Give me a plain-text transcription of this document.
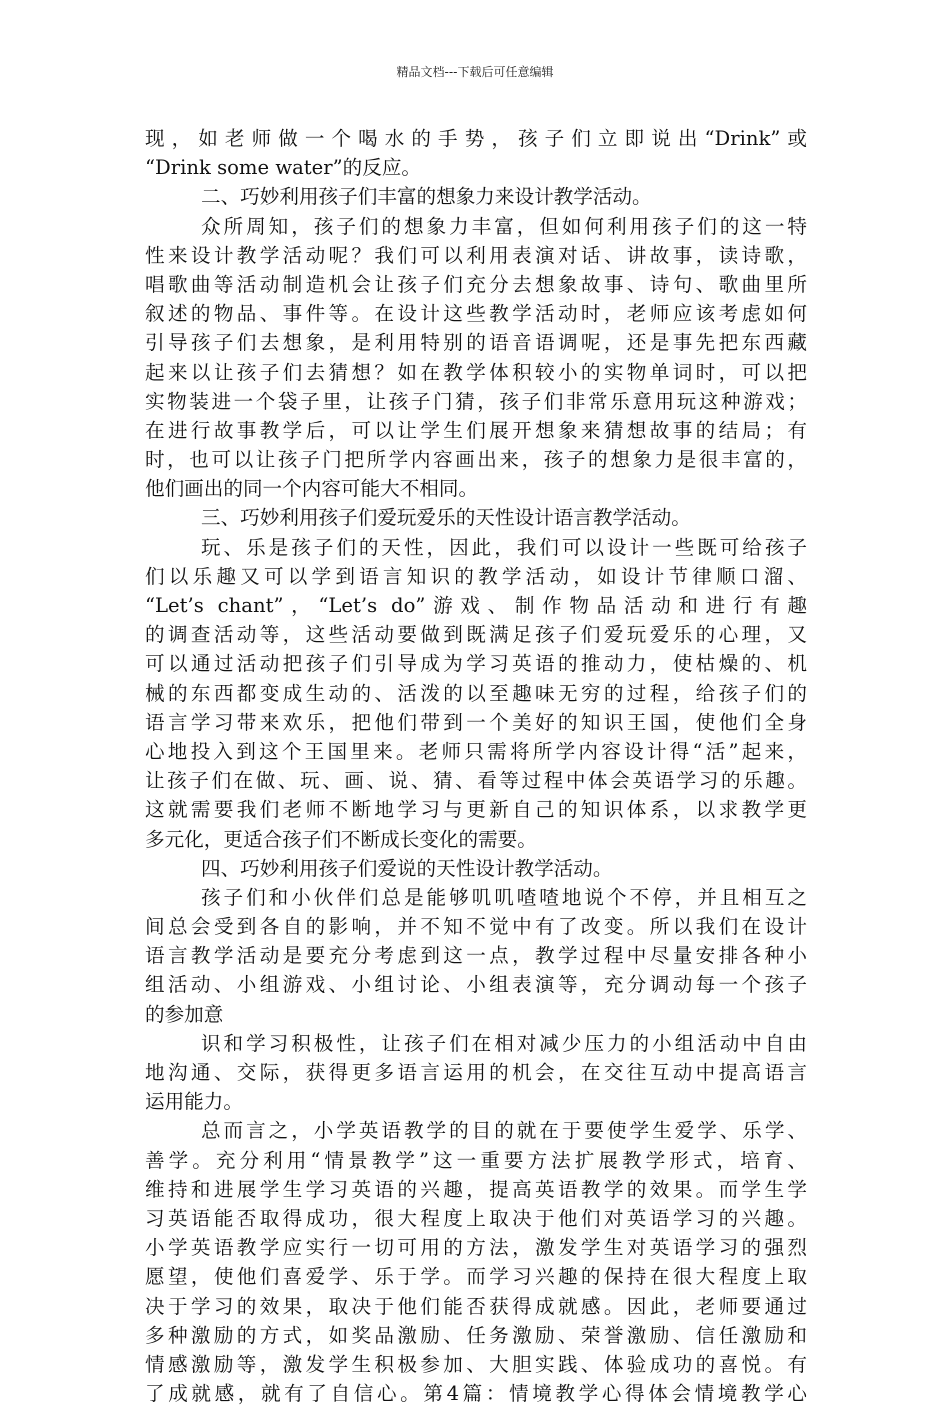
精品文档---下载后可任意编辑
现，如老师做一个喝水的手势，孩子们立即说出“Drink”或
“Drink some water”的反应。
二、巧妙利用孩子们丰富的想象力来设计教学活动。
众所周知，孩子们的想象力丰富，但如何利用孩子们的这一特
性来设计教学活动呢？我们可以利用表演对话、讲故事，读诗歌，
唱歌曲等活动制造机会让孩子们充分去想象故事、诗句、歌曲里所
叙述的物品、事件等。在设计这些教学活动时，老师应该考虑如何
引导孩子们去想象，是利用特别的语音语调呢，还是事先把东西藏
起来以让孩子们去猜想？如在教学体积较小的实物单词时，可以把
实物装进一个袋子里，让孩子门猜，孩子们非常乐意用玩这种游戏；
在进行故事教学后，可以让学生们展开想象来猜想故事的结局；有
时，也可以让孩子门把所学内容画出来，孩子的想象力是很丰富的，
他们画出的同一个内容可能大不相同。
三、巧妙利用孩子们爱玩爱乐的天性设计语言教学活动。
玩、乐是孩子们的天性，因此，我们可以设计一些既可给孩子
们以乐趣又可以学到语言知识的教学活动，如设计节律顺口溜、
“Let’s chant”，“Let’s do”游戏、制作物品活动和进行有趣
的调查活动等，这些活动要做到既满足孩子们爱玩爱乐的心理，又
可以通过活动把孩子们引导成为学习英语的推动力，使枯燥的、机
械的东西都变成生动的、活泼的以至趣味无穷的过程，给孩子们的
语言学习带来欢乐，把他们带到一个美好的知识王国，使他们全身
心地投入到这个王国里来。老师只需将所学内容设计得“活”起来，
让孩子们在做、玩、画、说、猜、看等过程中体会英语学习的乐趣。
这就需要我们老师不断地学习与更新自己的知识体系，以求教学更
多元化，更适合孩子们不断成长变化的需要。
四、巧妙利用孩子们爱说的天性设计教学活动。
孩子们和小伙伴们总是能够叽叽喳喳地说个不停，并且相互之
间总会受到各自的影响，并不知不觉中有了改变。所以我们在设计
语言教学活动是要充分考虑到这一点，教学过程中尽量安排各种小
组活动、小组游戏、小组讨论、小组表演等，充分调动每一个孩子
的参加意
识和学习积极性，让孩子们在相对减少压力的小组活动中自由
地沟通、交际，获得更多语言运用的机会，在交往互动中提高语言
运用能力。
总而言之，小学英语教学的目的就在于要使学生爱学、乐学、
善学。充分利用“情景教学”这一重要方法扩展教学形式，培育、
维持和进展学生学习英语的兴趣，提高英语教学的效果。而学生学
习英语能否取得成功，很大程度上取决于他们对英语学习的兴趣。
小学英语教学应实行一切可用的方法，激发学生对英语学习的强烈
愿望，使他们喜爱学、乐于学。而学习兴趣的保持在很大程度上取
决于学习的效果，取决于他们能否获得成就感。因此，老师要通过
多种激励的方式，如奖品激励、任务激励、荣誉激励、信任激励和
情感激励等，激发学生积极参加、大胆实践、体验成功的喜悦。有
了成就感，就有了自信心。第4篇：情境教学心得体会情境教学心
